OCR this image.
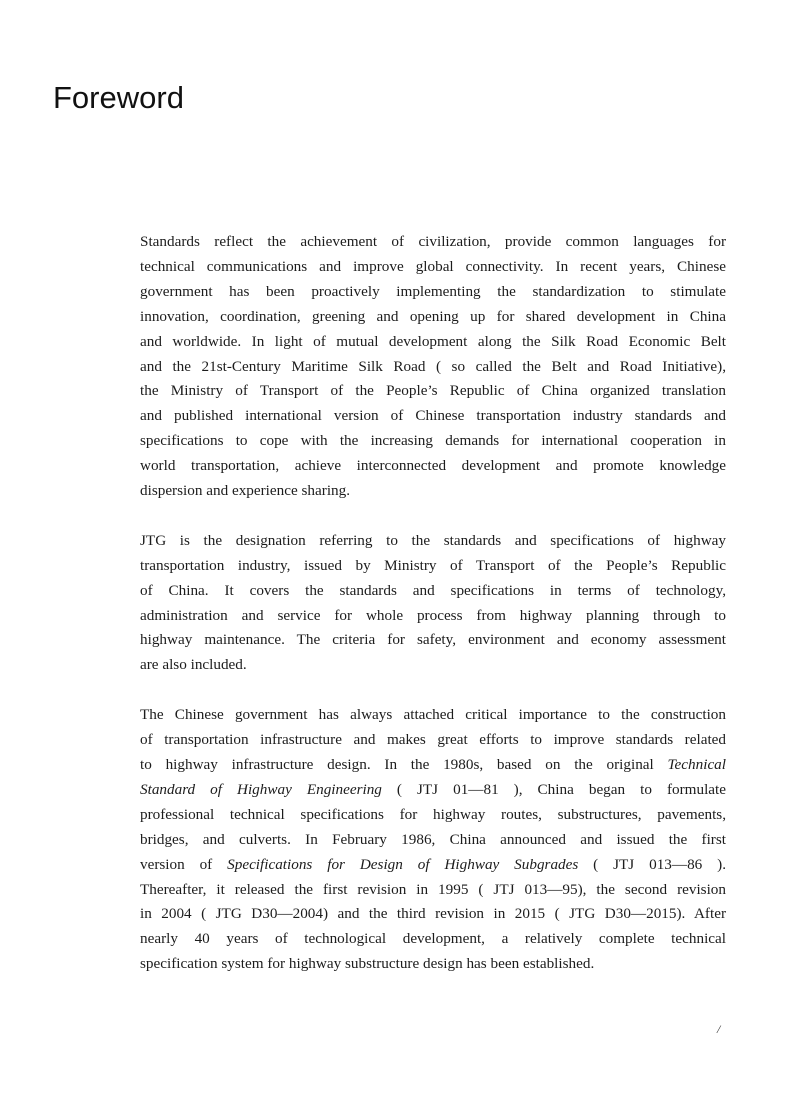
Foreword

Standards reflect the achievement of civilization, provide common languages for
technical communications and improve global connectivity. In recent years, Chinese
government has been proactively implementing the standardization to stimulate
innovation, coordination, greening and opening up for shared development in China
and worldwide. In light of mutual development along the Silk Road Economic Belt
and the 21st-Century Maritime Silk Road ( so called the Belt and Road Initiative),
the Ministry of Transport of the People’s Republic of China organized translation
and published international version of Chinese transportation industry standards and
specifications to cope with the increasing demands for international cooperation in
world transportation, achieve interconnected development and promote knowledge
dispersion and experience sharing.

JTG is the designation referring to the standards and specifications of highway
transportation industry, issued by Ministry of Transport of the People’s Republic
of China. It covers the standards and specifications in terms of technology,
administration and service for whole process from highway planning through to
highway maintenance. The criteria for safety, environment and economy assessment
are also included.

The Chinese government has always attached critical importance to the construction
of transportation infrastructure and makes great efforts to improve standards related
to highway infrastructure design. In the 1980s, based on the original Technical
Standard of Highway Engineering ( JTJ 01—81 ), China began to formulate
professional technical specifications for highway routes, substructures, pavements,
bridges, and culverts. In February 1986, China announced and issued the first
version of Specifications for Design of Highway Subgrades ( JTJ 013—86 ).
Thereafter, it released the first revision in 1995 ( JTJ 013—95), the second revision
in 2004 ( JTG D30—2004) and the third revision in 2015 ( JTG D30—2015). After
nearly 40 years of technological development, a relatively complete technical
specification system for highway substructure design has been established.

/
